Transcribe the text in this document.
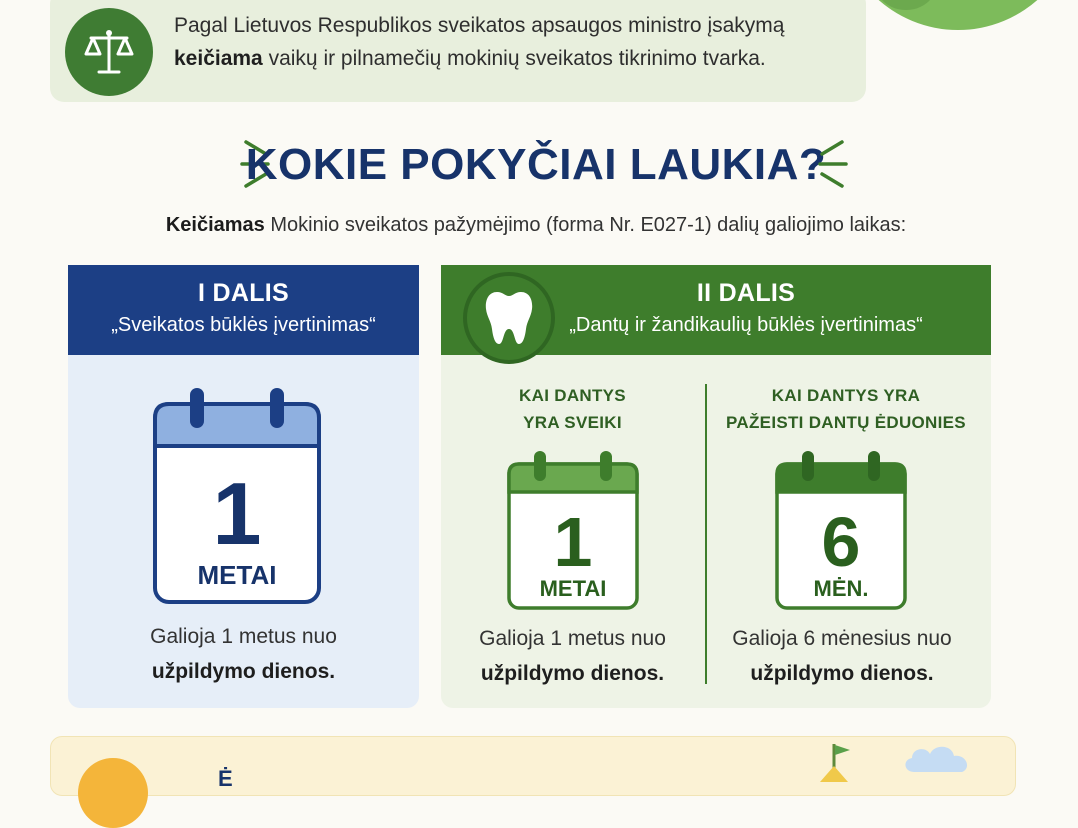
Pagal Lietuvos Respublikos sveikatos apsaugos ministro įsakymą
keičiama vaikų ir pilnamečių mokinių sveikatos tikrinimo tvarka.
KOKIE POKYČIAI LAUKIA?
Keičiamas Mokinio sveikatos pažymėjimo (forma Nr. E027-1) dalių galiojimo laikas:
I DALIS
„Sveikatos būklės įvertinimas“
1
METAI
Galioja 1 metus nuo
užpildymo dienos.
II DALIS
„Dantų ir žandikaulių būklės įvertinimas“
KAI DANTYS
YRA SVEIKI
KAI DANTYS YRA
PAŽEISTI DANTŲ ĖDUONIES
1
METAI
Galioja 1 metus nuo
užpildymo dienos.
6
MĖN.
Galioja 6 mėnesius nuo
užpildymo dienos.
Ė
